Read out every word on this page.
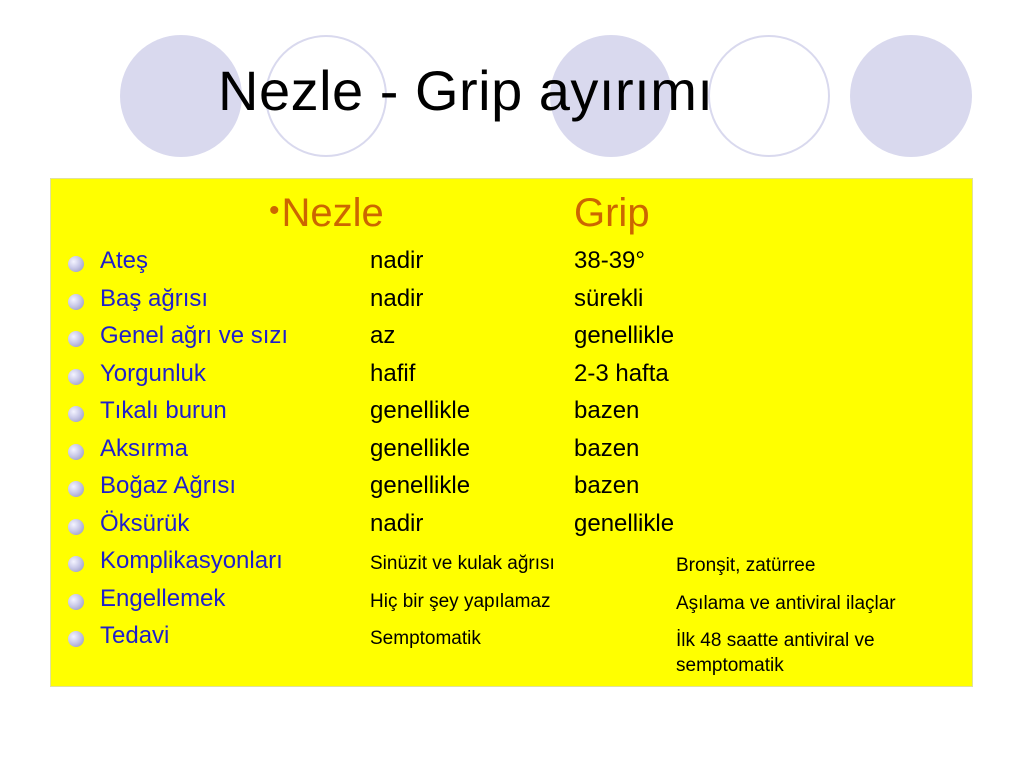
Nezle - Grip ayırımı
•Nezle	Grip
Ateş	nadir	38-39°
Baş ağrısı	nadir	sürekli
Genel ağrı ve sızı	az	genellikle
Yorgunluk	hafif	2-3 hafta
Tıkalı burun	genellikle	bazen
Aksırma	genellikle	bazen
Boğaz Ağrısı	genellikle	bazen
Öksürük	nadir	genellikle
Komplikasyonları	Sinüzit ve kulak ağrısı	Bronşit, zatürree
Engellemek	Hiç bir şey yapılamaz	Aşılama ve antiviral ilaçlar
Tedavi	Semptomatik	İlk 48 saatte antiviral ve semptomatik
